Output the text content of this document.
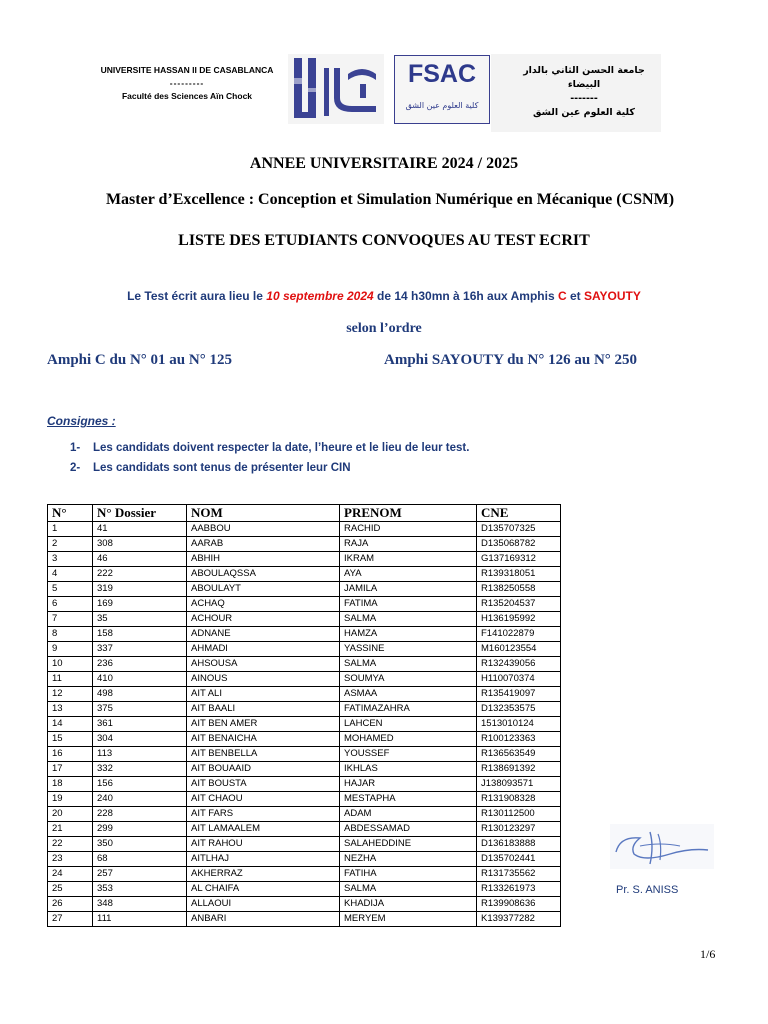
UNIVERSITE HASSAN II DE CASABLANCA
---------
Faculté des Sciences Aïn Chock
FSAC
كلية العلوم عين الشق
جامعة الحسن الثاني بالدار البيضاء
-------
كلية العلوم عين الشق
ANNEE UNIVERSITAIRE 2024 / 2025
Master d’Excellence : Conception et Simulation Numérique en Mécanique (CSNM)
LISTE DES ETUDIANTS CONVOQUES AU TEST ECRIT
Le Test écrit aura lieu le 10 septembre 2024 de 14 h30mn à 16h aux Amphis C et SAYOUTY
selon l’ordre
Amphi C du N° 01 au N° 125	Amphi SAYOUTY du N° 126 au N° 250
Consignes :
1- Les candidats doivent respecter la date, l’heure et le lieu de leur test.
2- Les candidats sont tenus de présenter leur CIN
N°	N° Dossier	NOM	PRENOM	CNE
1	41	AABBOU	RACHID	D135707325
2	308	AARAB	RAJA	D135068782
3	46	ABHIH	IKRAM	G137169312
4	222	ABOULAQSSA	AYA	R139318051
5	319	ABOULAYT	JAMILA	R138250558
6	169	ACHAQ	FATIMA	R135204537
7	35	ACHOUR	SALMA	H136195992
8	158	ADNANE	HAMZA	F141022879
9	337	AHMADI	YASSINE	M160123554
10	236	AHSOUSA	SALMA	R132439056
11	410	AINOUS	SOUMYA	H110070374
12	498	AIT ALI	ASMAA	R135419097
13	375	AIT BAALI	FATIMAZAHRA	D132353575
14	361	AIT BEN AMER	LAHCEN	1513010124
15	304	AIT BENAICHA	MOHAMED	R100123363
16	113	AIT BENBELLA	YOUSSEF	R136563549
17	332	AIT BOUAAID	IKHLAS	R138691392
18	156	AIT BOUSTA	HAJAR	J138093571
19	240	AIT CHAOU	MESTAPHA	R131908328
20	228	AIT FARS	ADAM	R130112500
21	299	AIT LAMAALEM	ABDESSAMAD	R130123297
22	350	AIT RAHOU	SALAHEDDINE	D136183888
23	68	AITLHAJ	NEZHA	D135702441
24	257	AKHERRAZ	FATIHA	R131735562
25	353	AL CHAIFA	SALMA	R133261973
26	348	ALLAOUI	KHADIJA	R139908636
27	111	ANBARI	MERYEM	K139377282
Pr. S. ANISS
1/6
